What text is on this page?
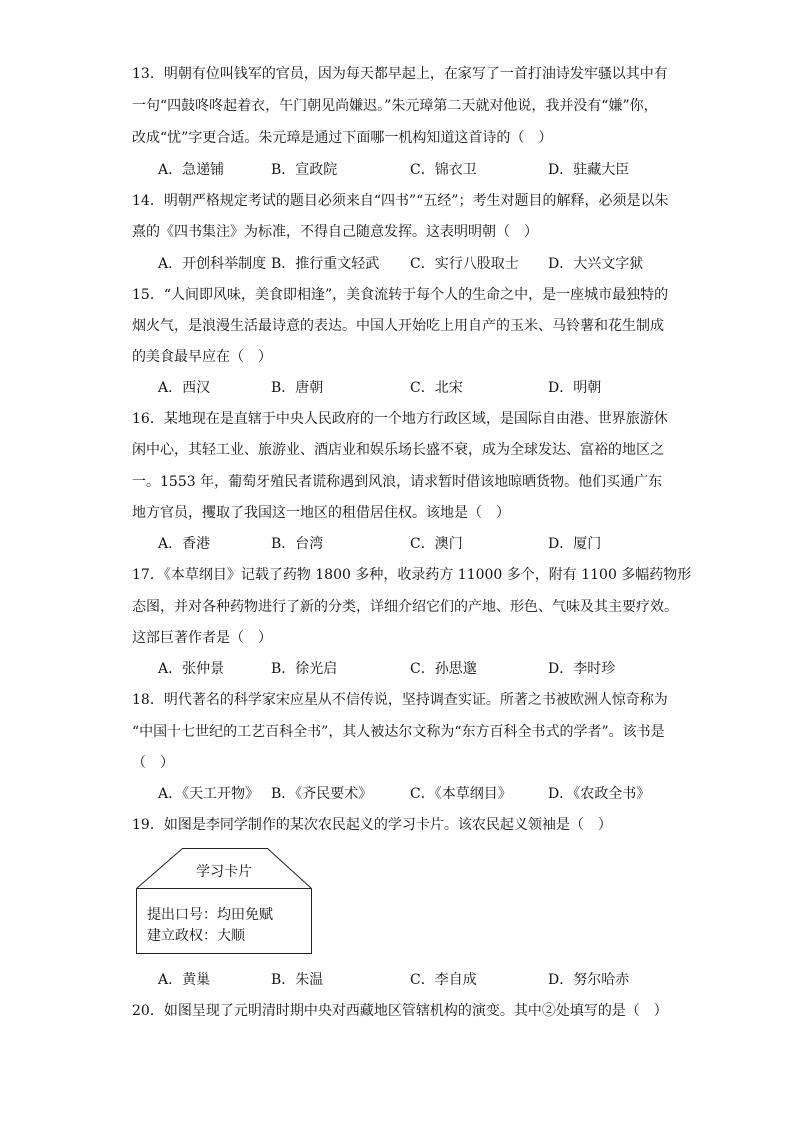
13．明朝有位叫钱军的官员，因为每天都早起上，在家写了一首打油诗发牢骚以其中有
一句“四鼓咚咚起着衣，午门朝见尚嫌迟。”朱元璋第二天就对他说，我并没有“嫌”你，
改成“忧”字更合适。朱元璋是通过下面哪一机构知道这首诗的（　）
A．急递铺	B．宣政院	C．锦衣卫	D．驻藏大臣
14．明朝严格规定考试的题目必须来自“四书”“五经”；考生对题目的解释，必须是以朱
熹的《四书集注》为标准，不得自己随意发挥。这表明明朝（　）
A．开创科举制度 B．推行重文轻武 C．实行八股取士 D．大兴文字狱
15．“人间即风味，美食即相逢”，美食流转于每个人的生命之中，是一座城市最独特的
烟火气，是浪漫生活最诗意的表达。中国人开始吃上用自产的玉米、马铃薯和花生制成
的美食最早应在（　）
A．西汉	B．唐朝	C．北宋	D．明朝
16．某地现在是直辖于中央人民政府的一个地方行政区域，是国际自由港、世界旅游休
闲中心，其轻工业、旅游业、酒店业和娱乐场长盛不衰，成为全球发达、富裕的地区之
一。1553 年，葡萄牙殖民者谎称遇到风浪，请求暂时借该地晾晒货物。他们买通广东
地方官员，攫取了我国这一地区的租借居住权。该地是（　）
A．香港	B．台湾	C．澳门	D．厦门
17．《本草纲目》记载了药物 1800 多种，收录药方 11000 多个，附有 1100 多幅药物形
态图，并对各种药物进行了新的分类，详细介绍它们的产地、形色、气味及其主要疗效。
这部巨著作者是（　）
A．张仲景	B．徐光启	C．孙思邈	D．李时珍
18．明代著名的科学家宋应星从不信传说，坚持调查实证。所著之书被欧洲人惊奇称为
“中国十七世纪的工艺百科全书”，其人被达尔文称为“东方百科全书式的学者”。该书是
（　）
A．《天工开物》 B．《齐民要术》	C．《本草纲目》	D．《农政全书》
19．如图是李同学制作的某次农民起义的学习卡片。该农民起义领袖是（　）
学习卡片
提出口号：均田免赋
建立政权：大顺
A．黄巢	B．朱温	C．李自成	D．努尔哈赤
20．如图呈现了元明清时期中央对西藏地区管辖机构的演变。其中②处填写的是（　）
